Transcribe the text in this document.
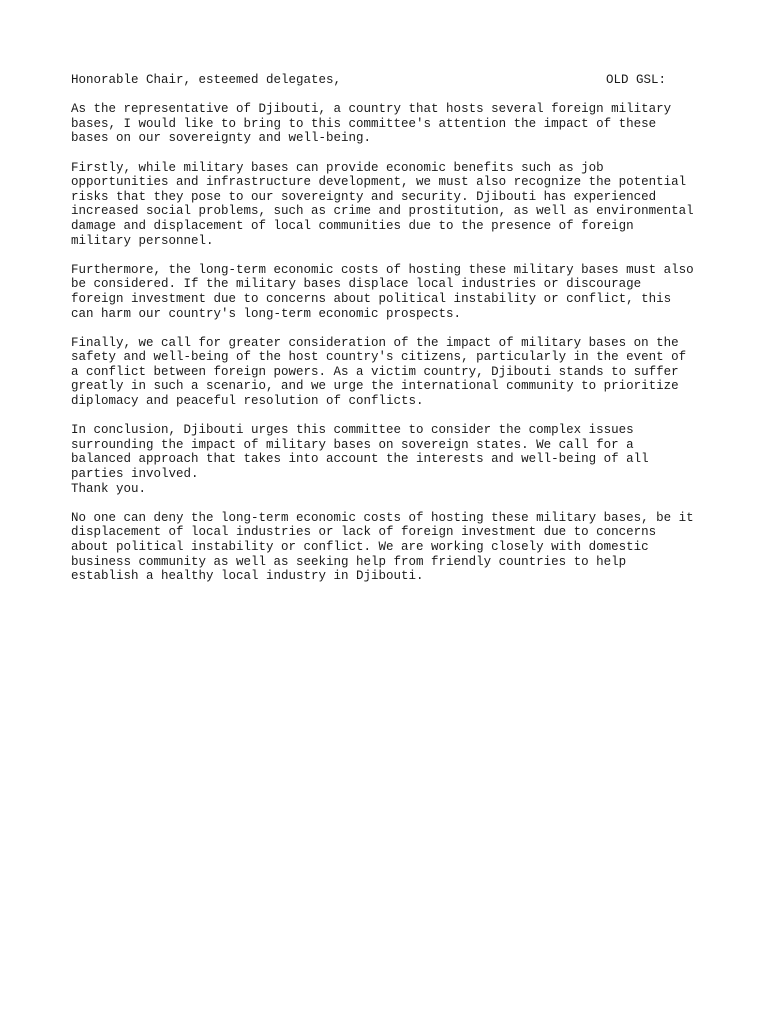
OLD GSL:
Honorable Chair, esteemed delegates,
As the representative of Djibouti, a country that hosts several foreign military
bases, I would like to bring to this committee's attention the impact of these
bases on our sovereignty and well-being.
Firstly, while military bases can provide economic benefits such as job
opportunities and infrastructure development, we must also recognize the potential
risks that they pose to our sovereignty and security. Djibouti has experienced
increased social problems, such as crime and prostitution, as well as environmental
damage and displacement of local communities due to the presence of foreign
military personnel.
Furthermore, the long-term economic costs of hosting these military bases must also
be considered. If the military bases displace local industries or discourage
foreign investment due to concerns about political instability or conflict, this
can harm our country's long-term economic prospects.
Finally, we call for greater consideration of the impact of military bases on the
safety and well-being of the host country's citizens, particularly in the event of
a conflict between foreign powers. As a victim country, Djibouti stands to suffer
greatly in such a scenario, and we urge the international community to prioritize
diplomacy and peaceful resolution of conflicts.
In conclusion, Djibouti urges this committee to consider the complex issues
surrounding the impact of military bases on sovereign states. We call for a
balanced approach that takes into account the interests and well-being of all
parties involved.
Thank you.
No one can deny the long-term economic costs of hosting these military bases, be it
displacement of local industries or lack of foreign investment due to concerns
about political instability or conflict. We are working closely with domestic
business community as well as seeking help from friendly countries to help
establish a healthy local industry in Djibouti.
